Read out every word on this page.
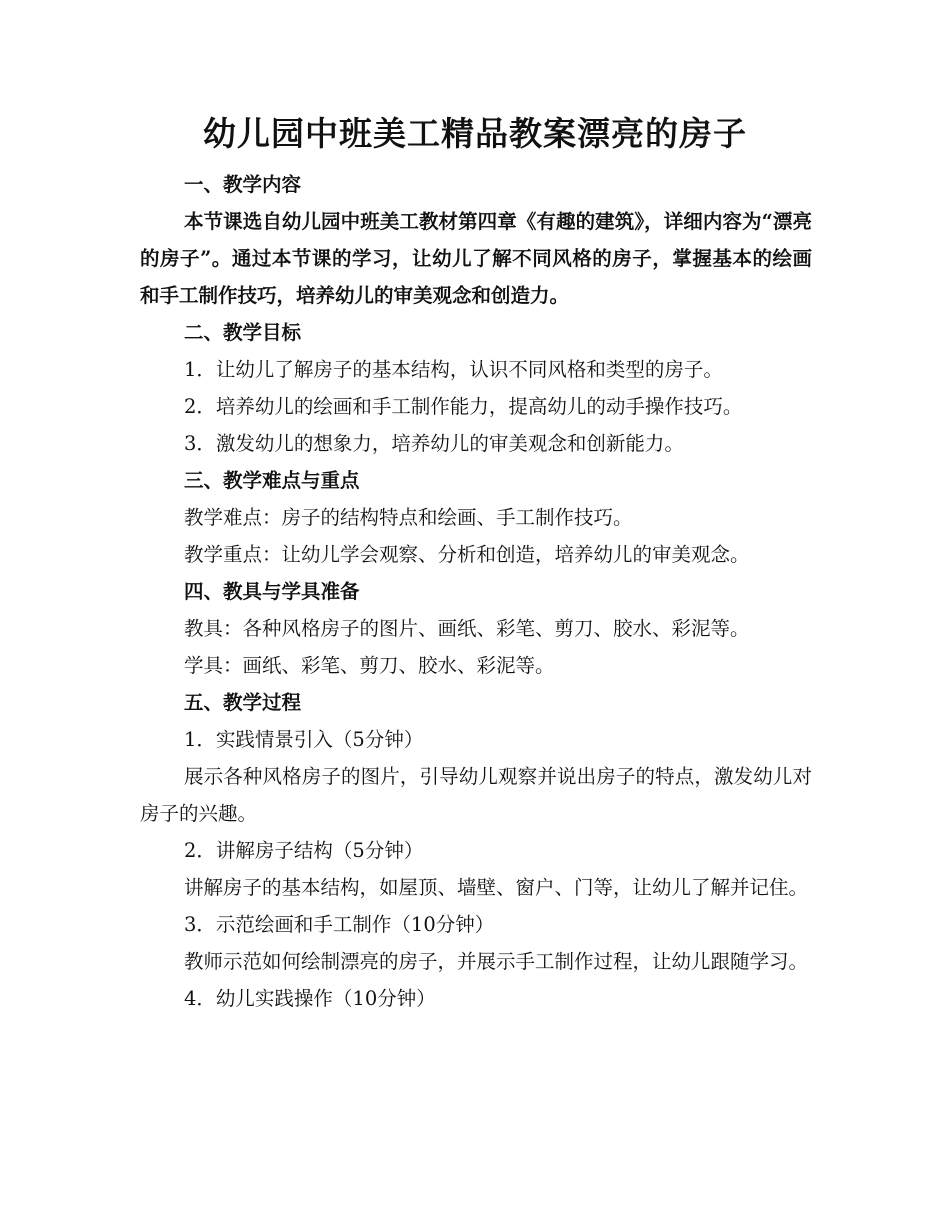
幼儿园中班美工精品教案漂亮的房子

一、教学内容

本节课选自幼儿园中班美工教材第四章《有趣的建筑》，详细内容为“漂亮的房子”。通过本节课的学习，让幼儿了解不同风格的房子，掌握基本的绘画和手工制作技巧，培养幼儿的审美观念和创造力。

二、教学目标

1．让幼儿了解房子的基本结构，认识不同风格和类型的房子。

2．培养幼儿的绘画和手工制作能力，提高幼儿的动手操作技巧。

3．激发幼儿的想象力，培养幼儿的审美观念和创新能力。

三、教学难点与重点

教学难点：房子的结构特点和绘画、手工制作技巧。

教学重点：让幼儿学会观察、分析和创造，培养幼儿的审美观念。

四、教具与学具准备

教具：各种风格房子的图片、画纸、彩笔、剪刀、胶水、彩泥等。

学具：画纸、彩笔、剪刀、胶水、彩泥等。

五、教学过程

1．实践情景引入（5分钟）

展示各种风格房子的图片，引导幼儿观察并说出房子的特点，激发幼儿对房子的兴趣。

2．讲解房子结构（5分钟）

讲解房子的基本结构，如屋顶、墙壁、窗户、门等，让幼儿了解并记住。

3．示范绘画和手工制作（10分钟）

教师示范如何绘制漂亮的房子，并展示手工制作过程，让幼儿跟随学习。

4．幼儿实践操作（10分钟）
